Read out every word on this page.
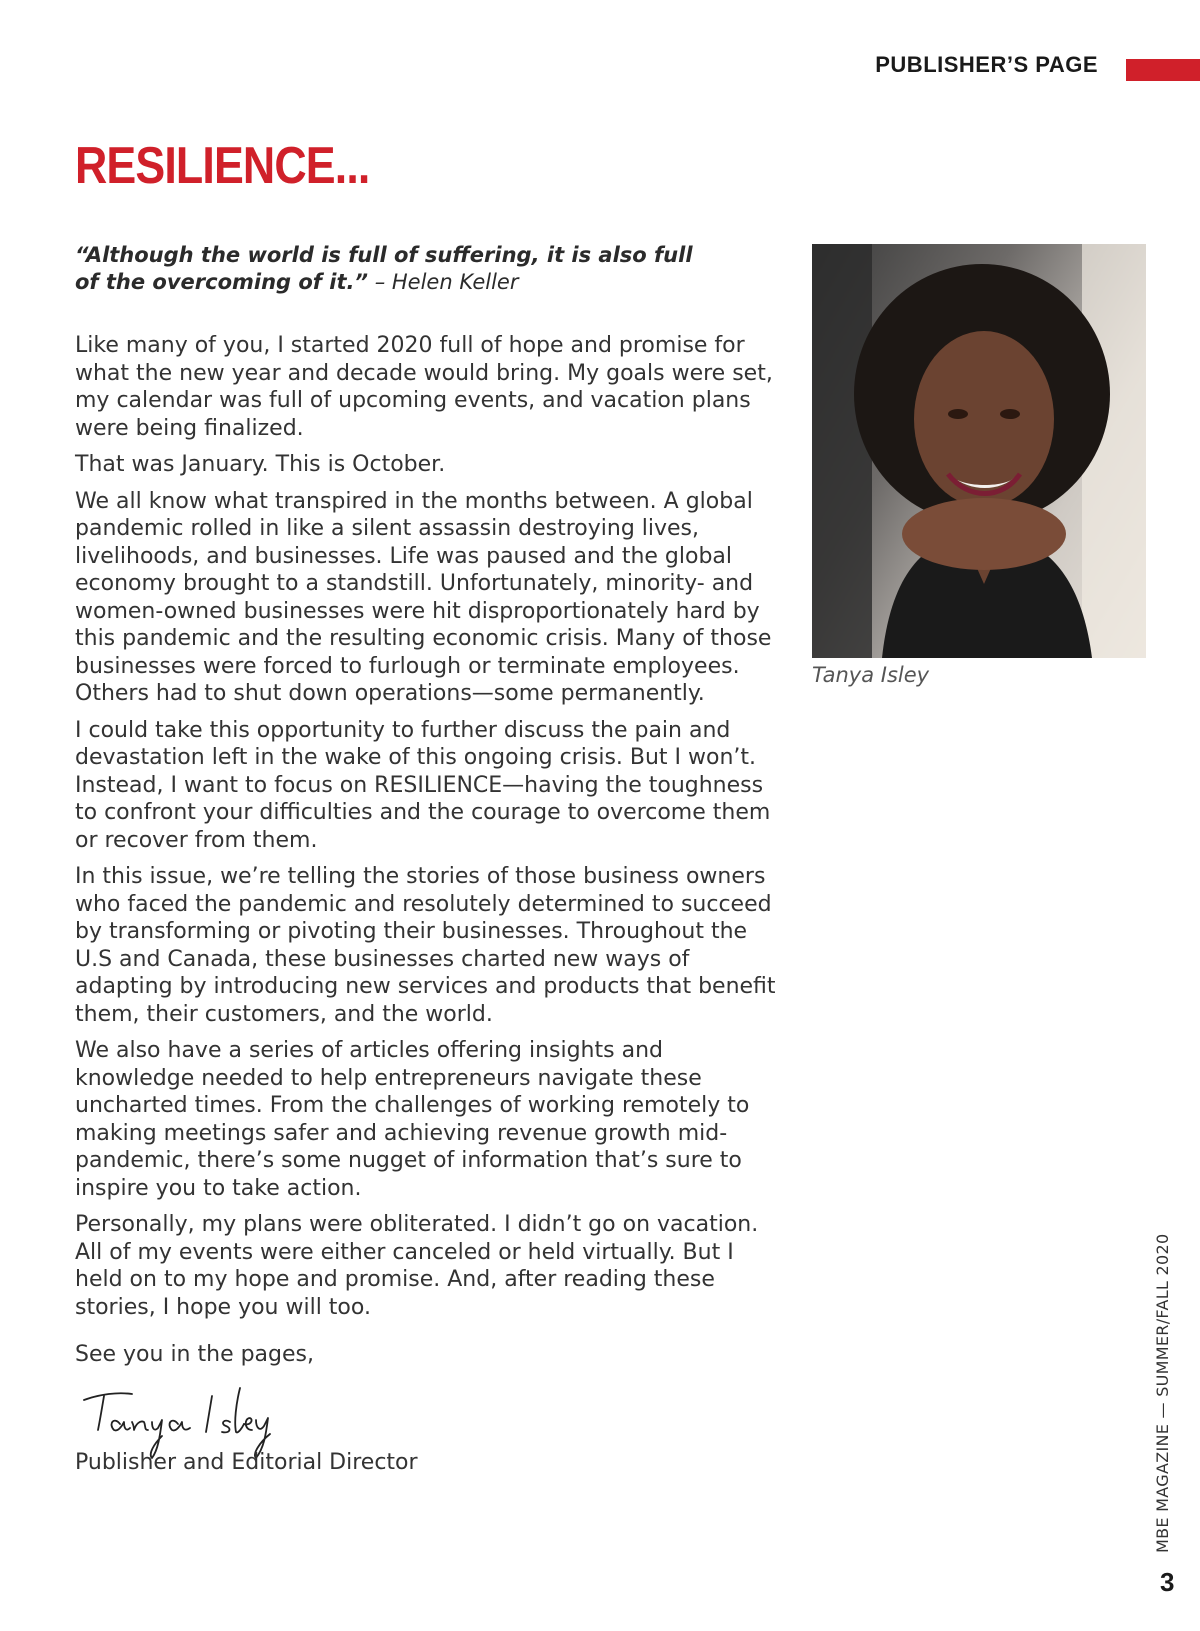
PUBLISHER’S PAGE
RESILIENCE...
“Although the world is full of suffering, it is also full of the overcoming of it.” – Helen Keller

Like many of you, I started 2020 full of hope and promise for what the new year and decade would bring. My goals were set, my calendar was full of upcoming events, and vacation plans were being finalized.

That was January. This is October.

We all know what transpired in the months between. A global pandemic rolled in like a silent assassin destroying lives, livelihoods, and businesses. Life was paused and the global economy brought to a standstill. Unfortunately, minority- and women-owned businesses were hit disproportionately hard by this pandemic and the resulting economic crisis. Many of those businesses were forced to furlough or terminate employees. Others had to shut down operations—some permanently.

I could take this opportunity to further discuss the pain and devastation left in the wake of this ongoing crisis. But I won’t. Instead, I want to focus on RESILIENCE—having the toughness to confront your difficulties and the courage to overcome them or recover from them.

In this issue, we’re telling the stories of those business owners who faced the pandemic and resolutely determined to succeed by transforming or pivoting their businesses. Throughout the U.S and Canada, these businesses charted new ways of adapting by introducing new services and products that benefit them, their customers, and the world.

We also have a series of articles offering insights and knowledge needed to help entrepreneurs navigate these uncharted times. From the challenges of working remotely to making meetings safer and achieving revenue growth mid-pandemic, there’s some nugget of information that’s sure to inspire you to take action.

Personally, my plans were obliterated. I didn’t go on vacation. All of my events were either canceled or held virtually. But I held on to my hope and promise. And, after reading these stories, I hope you will too.

See you in the pages,
Publisher and Editorial Director
Tanya Isley
MBE MAGAZINE — SUMMER/FALL 2020
3
